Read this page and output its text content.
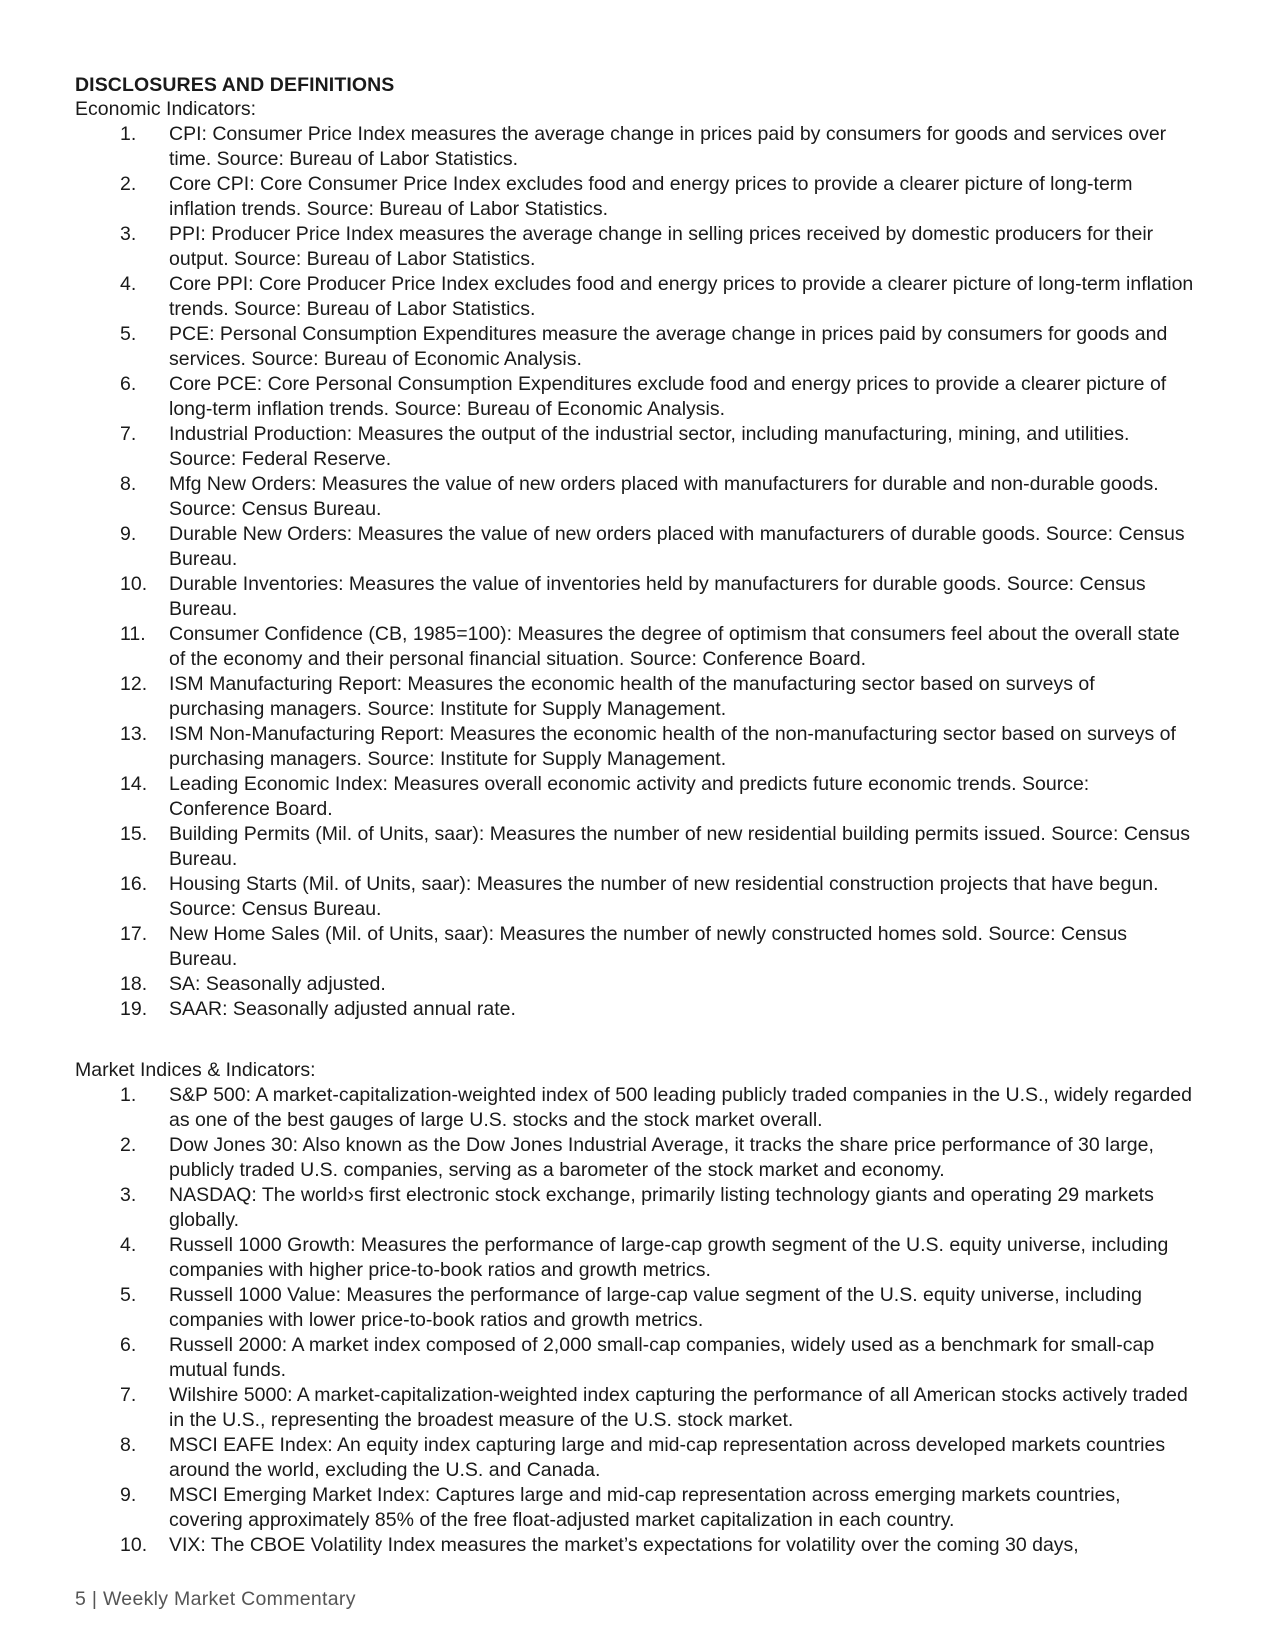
DISCLOSURES AND DEFINITIONS

Economic Indicators:

1.	CPI: Consumer Price Index measures the average change in prices paid by consumers for goods and services over time. Source: Bureau of Labor Statistics.
2.	Core CPI: Core Consumer Price Index excludes food and energy prices to provide a clearer picture of long-term inflation trends. Source: Bureau of Labor Statistics.
3.	PPI: Producer Price Index measures the average change in selling prices received by domestic producers for their output. Source: Bureau of Labor Statistics.
4.	Core PPI: Core Producer Price Index excludes food and energy prices to provide a clearer picture of long-term inflation trends. Source: Bureau of Labor Statistics.
5.	PCE: Personal Consumption Expenditures measure the average change in prices paid by consumers for goods and services. Source: Bureau of Economic Analysis.
6.	Core PCE: Core Personal Consumption Expenditures exclude food and energy prices to provide a clearer picture of long-term inflation trends. Source: Bureau of Economic Analysis.
7.	Industrial Production: Measures the output of the industrial sector, including manufacturing, mining, and utilities. Source: Federal Reserve.
8.	Mfg New Orders: Measures the value of new orders placed with manufacturers for durable and non-durable goods. Source: Census Bureau.
9.	Durable New Orders: Measures the value of new orders placed with manufacturers of durable goods. Source: Census Bureau.
10.	Durable Inventories: Measures the value of inventories held by manufacturers for durable goods. Source: Census Bureau.
11.	Consumer Confidence (CB, 1985=100): Measures the degree of optimism that consumers feel about the overall state of the economy and their personal financial situation. Source: Conference Board.
12.	ISM Manufacturing Report: Measures the economic health of the manufacturing sector based on surveys of purchasing managers. Source: Institute for Supply Management.
13.	ISM Non-Manufacturing Report: Measures the economic health of the non-manufacturing sector based on surveys of purchasing managers. Source: Institute for Supply Management.
14.	Leading Economic Index: Measures overall economic activity and predicts future economic trends. Source: Conference Board.
15.	Building Permits (Mil. of Units, saar): Measures the number of new residential building permits issued. Source: Census Bureau.
16.	Housing Starts (Mil. of Units, saar): Measures the number of new residential construction projects that have begun. Source: Census Bureau.
17.	New Home Sales (Mil. of Units, saar): Measures the number of newly constructed homes sold. Source: Census Bureau.
18.	SA: Seasonally adjusted.
19.	SAAR: Seasonally adjusted annual rate.

Market Indices & Indicators:

1.	S&P 500: A market-capitalization-weighted index of 500 leading publicly traded companies in the U.S., widely regarded as one of the best gauges of large U.S. stocks and the stock market overall.
2.	Dow Jones 30: Also known as the Dow Jones Industrial Average, it tracks the share price performance of 30 large, publicly traded U.S. companies, serving as a barometer of the stock market and economy.
3.	NASDAQ: The world›s first electronic stock exchange, primarily listing technology giants and operating 29 markets globally.
4.	Russell 1000 Growth: Measures the performance of large-cap growth segment of the U.S. equity universe, including companies with higher price-to-book ratios and growth metrics.
5.	Russell 1000 Value: Measures the performance of large-cap value segment of the U.S. equity universe, including companies with lower price-to-book ratios and growth metrics.
6.	Russell 2000: A market index composed of 2,000 small-cap companies, widely used as a benchmark for small-cap mutual funds.
7.	Wilshire 5000: A market-capitalization-weighted index capturing the performance of all American stocks actively traded in the U.S., representing the broadest measure of the U.S. stock market.
8.	MSCI EAFE Index: An equity index capturing large and mid-cap representation across developed markets countries around the world, excluding the U.S. and Canada.
9.	MSCI Emerging Market Index: Captures large and mid-cap representation across emerging markets countries, covering approximately 85% of the free float-adjusted market capitalization in each country.
10.	VIX: The CBOE Volatility Index measures the market’s expectations for volatility over the coming 30 days,
5 | Weekly Market Commentary
